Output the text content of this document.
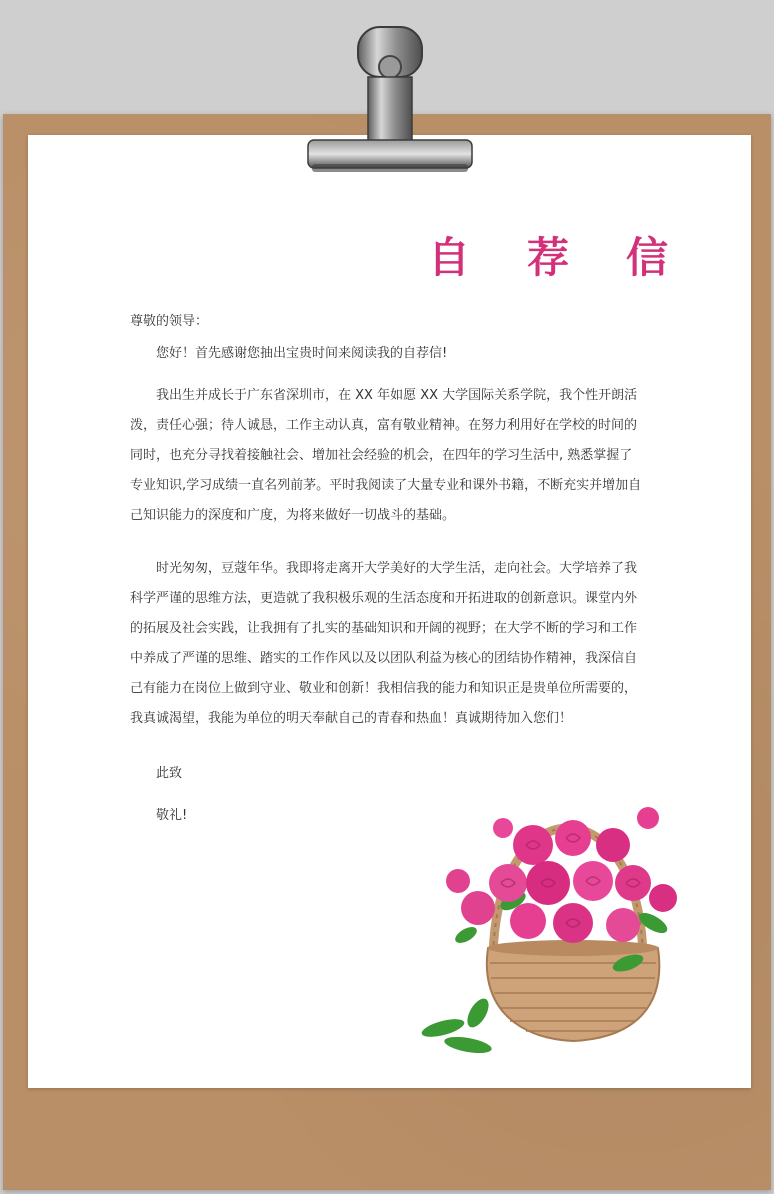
自 荐 信
尊敬的领导：
您好！首先感谢您抽出宝贵时间来阅读我的自荐信!
我出生并成长于广东省深圳市，在 XX 年如愿 XX 大学国际关系学院，我个性开朗活泼，责任心强；待人诚恳，工作主动认真，富有敬业精神。在努力利用好在学校的时间的同时，也充分寻找着接触社会、增加社会经验的机会，在四年的学习生活中, 熟悉掌握了专业知识,学习成绩一直名列前茅。平时我阅读了大量专业和课外书籍，不断充实并增加自己知识能力的深度和广度，为将来做好一切战斗的基础。
时光匆匆，豆蔻年华。我即将走离开大学美好的大学生活，走向社会。大学培养了我科学严谨的思维方法，更造就了我积极乐观的生活态度和开拓进取的创新意识。课堂内外的拓展及社会实践，让我拥有了扎实的基础知识和开阔的视野；在大学不断的学习和工作中养成了严谨的思维、踏实的工作作风以及以团队利益为核心的团结协作精神，我深信自己有能力在岗位上做到守业、敬业和创新！我相信我的能力和知识正是贵单位所需要的，我真诚渴望，我能为单位的明天奉献自己的青春和热血！真诚期待加入您们！
此致
敬礼!
